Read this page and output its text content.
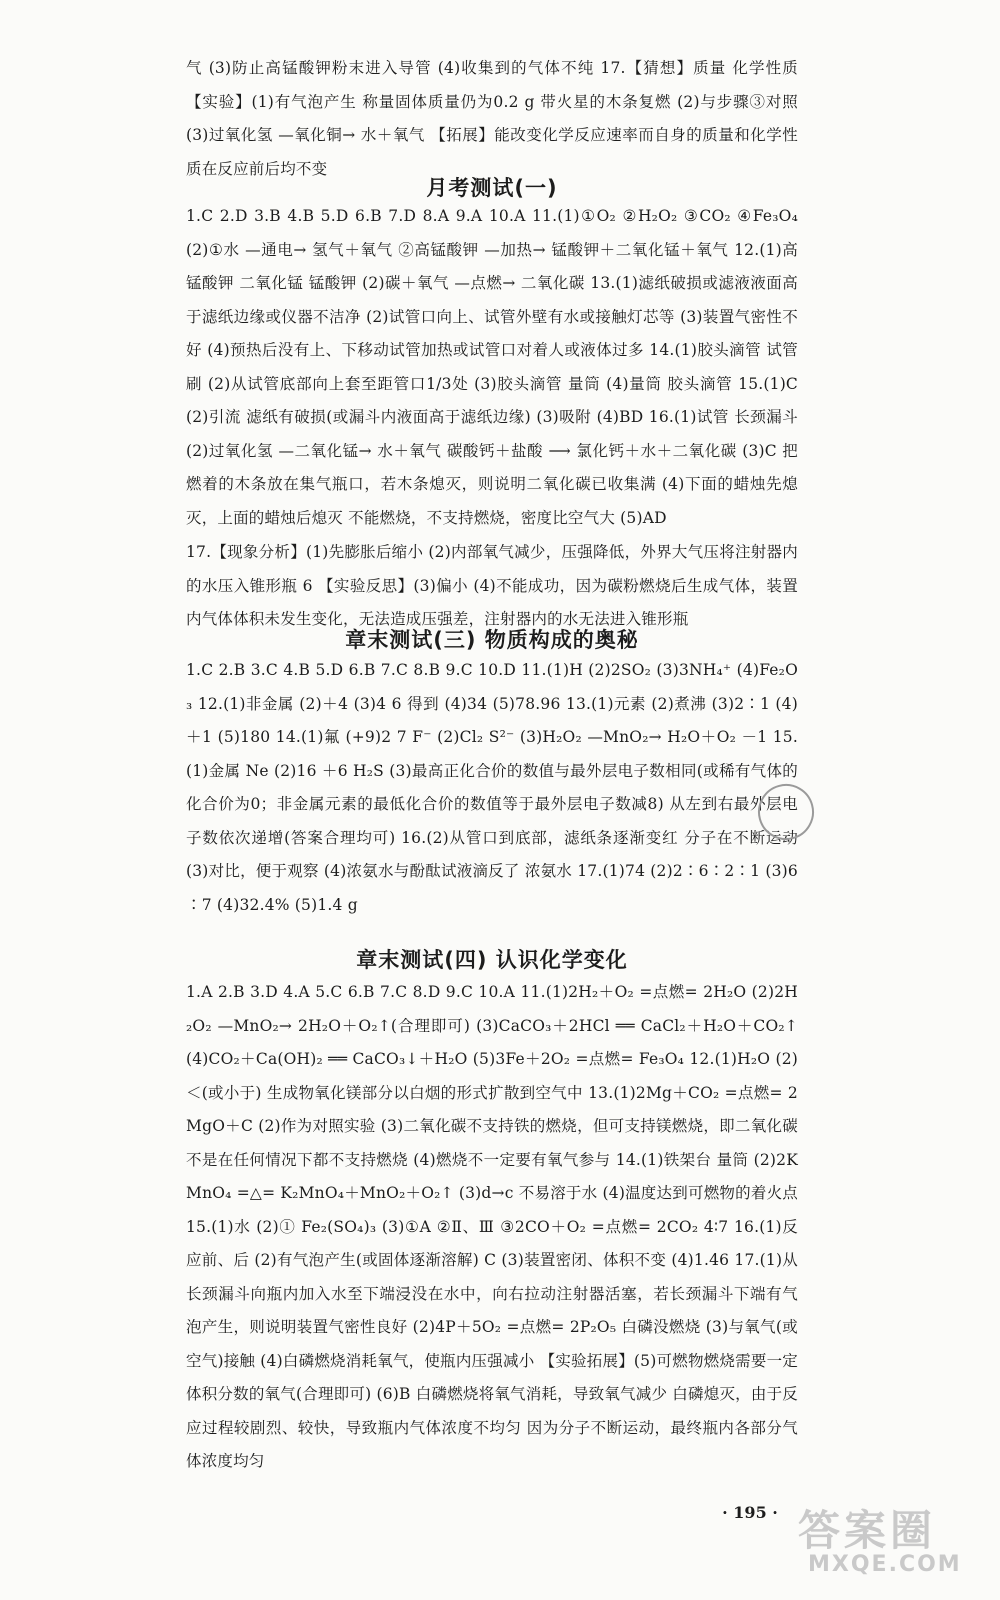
气 (3)防止高锰酸钾粉末进入导管 (4)收集到的气体不纯 17.【猜想】质量 化学性质 【实验】(1)有气泡产生 称量固体质量仍为0.2 g 带火星的木条复燃 (2)与步骤③对照 (3)过氧化氢 —氧化铜→ 水＋氧气 【拓展】能改变化学反应速率而自身的质量和化学性质在反应前后均不变
月考测试(一)
1.C 2.D 3.B 4.B 5.D 6.B 7.D 8.A 9.A 10.A 11.(1)①O₂ ②H₂O₂ ③CO₂ ④Fe₃O₄ (2)①水 —通电→ 氢气＋氧气 ②高锰酸钾 —加热→ 锰酸钾＋二氧化锰＋氧气 12.(1)高锰酸钾 二氧化锰 锰酸钾 (2)碳＋氧气 —点燃→ 二氧化碳 13.(1)滤纸破损或滤液液面高于滤纸边缘或仪器不洁净 (2)试管口向上、试管外壁有水或接触灯芯等 (3)装置气密性不好 (4)预热后没有上、下移动试管加热或试管口对着人或液体过多 14.(1)胶头滴管 试管刷 (2)从试管底部向上套至距管口1/3处 (3)胶头滴管 量筒 (4)量筒 胶头滴管 15.(1)C (2)引流 滤纸有破损(或漏斗内液面高于滤纸边缘) (3)吸附 (4)BD 16.(1)试管 长颈漏斗 (2)过氧化氢 —二氧化锰→ 水＋氧气 碳酸钙＋盐酸 ⟶ 氯化钙＋水＋二氧化碳 (3)C 把燃着的木条放在集气瓶口，若木条熄灭，则说明二氧化碳已收集满 (4)下面的蜡烛先熄灭，上面的蜡烛后熄灭 不能燃烧，不支持燃烧，密度比空气大 (5)AD
17.【现象分析】(1)先膨胀后缩小 (2)内部氧气减少，压强降低，外界大气压将注射器内的水压入锥形瓶 6 【实验反思】(3)偏小 (4)不能成功，因为碳粉燃烧后生成气体，装置内气体体积未发生变化，无法造成压强差，注射器内的水无法进入锥形瓶
章末测试(三) 物质构成的奥秘
1.C 2.B 3.C 4.B 5.D 6.B 7.C 8.B 9.C 10.D 11.(1)H (2)2SO₂ (3)3NH₄⁺ (4)Fe₂O₃ 12.(1)非金属 (2)＋4 (3)4 6 得到 (4)34 (5)78.96 13.(1)元素 (2)煮沸 (3)2∶1 (4)＋1 (5)180 14.(1)氟 (+9)2 7 F⁻ (2)Cl₂ S²⁻ (3)H₂O₂ —MnO₂→ H₂O＋O₂ －1 15.(1)金属 Ne (2)16 ＋6 H₂S (3)最高正化合价的数值与最外层电子数相同(或稀有气体的化合价为0；非金属元素的最低化合价的数值等于最外层电子数减8) 从左到右最外层电子数依次递增(答案合理均可) 16.(2)从管口到底部，滤纸条逐渐变红 分子在不断运动 (3)对比，便于观察 (4)浓氨水与酚酞试液滴反了 浓氨水 17.(1)74 (2)2∶6∶2∶1 (3)6∶7 (4)32.4% (5)1.4 g
章末测试(四) 认识化学变化
1.A 2.B 3.D 4.A 5.C 6.B 7.C 8.D 9.C 10.A 11.(1)2H₂＋O₂ =点燃= 2H₂O (2)2H₂O₂ —MnO₂→ 2H₂O＋O₂↑(合理即可) (3)CaCO₃＋2HCl ══ CaCl₂＋H₂O＋CO₂↑ (4)CO₂＋Ca(OH)₂ ══ CaCO₃↓＋H₂O (5)3Fe＋2O₂ =点燃= Fe₃O₄ 12.(1)H₂O (2)＜(或小于) 生成物氧化镁部分以白烟的形式扩散到空气中 13.(1)2Mg＋CO₂ =点燃= 2MgO＋C (2)作为对照实验 (3)二氧化碳不支持铁的燃烧，但可支持镁燃烧，即二氧化碳不是在任何情况下都不支持燃烧 (4)燃烧不一定要有氧气参与 14.(1)铁架台 量筒 (2)2KMnO₄ =△= K₂MnO₄＋MnO₂＋O₂↑ (3)d→c 不易溶于水 (4)温度达到可燃物的着火点 15.(1)水 (2)① Fe₂(SO₄)₃ (3)①A ②Ⅱ、Ⅲ ③2CO＋O₂ =点燃= 2CO₂ 4∶7 16.(1)反应前、后 (2)有气泡产生(或固体逐渐溶解) C (3)装置密闭、体积不变 (4)1.46 17.(1)从长颈漏斗向瓶内加入水至下端浸没在水中，向右拉动注射器活塞，若长颈漏斗下端有气泡产生，则说明装置气密性良好 (2)4P＋5O₂ =点燃= 2P₂O₅ 白磷没燃烧 (3)与氧气(或空气)接触 (4)白磷燃烧消耗氧气，使瓶内压强减小 【实验拓展】(5)可燃物燃烧需要一定体积分数的氧气(合理即可) (6)B 白磷燃烧将氧气消耗，导致氧气减少 白磷熄灭，由于反应过程较剧烈、较快，导致瓶内气体浓度不均匀 因为分子不断运动，最终瓶内各部分气体浓度均匀
· 195 · 答案圈
MXQE.COM
